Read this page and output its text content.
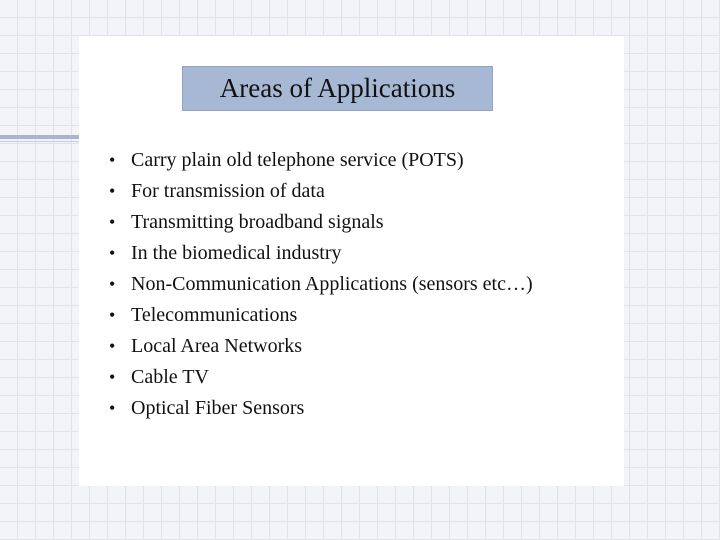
Areas of Applications
• Carry plain old telephone service (POTS)
• For transmission of data
• Transmitting broadband signals
• In the biomedical industry
• Non-Communication Applications (sensors etc…)
• Telecommunications
• Local Area Networks
• Cable TV
• Optical Fiber Sensors
